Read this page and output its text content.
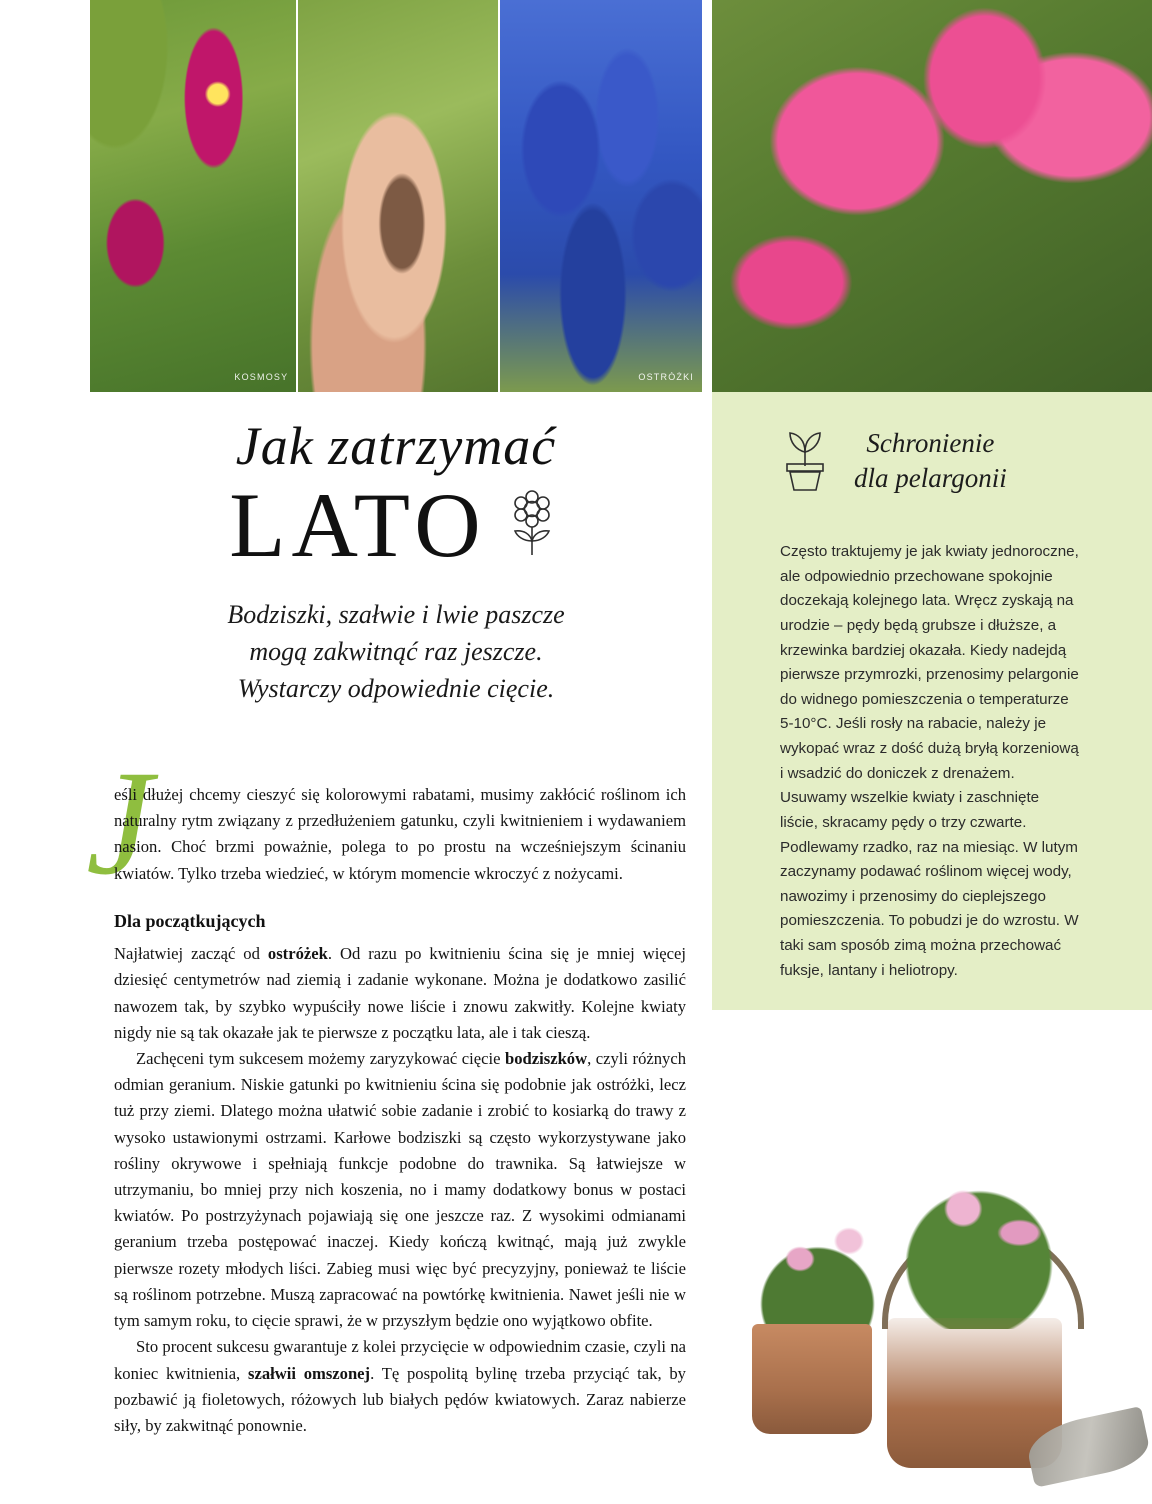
KOSMOSY	OSTRÓŻKI
Schronienie
dla pelargonii
Często traktujemy je jak kwiaty jednoroczne, ale odpowiednio przechowane spokojnie doczekają kolejnego lata. Wręcz zyskają na urodzie – pędy będą grubsze i dłuższe, a krzewinka bardziej okazała. Kiedy nadejdą pierwsze przymrozki, przenosimy pelargonie do widnego pomieszczenia o temperaturze 5-10°C. Jeśli rosły na rabacie, należy je wykopać wraz z dość dużą bryłą korzeniową i wsadzić do doniczek z drenażem. Usuwamy wszelkie kwiaty i zaschnięte liście, skracamy pędy o trzy czwarte. Podlewamy rzadko, raz na miesiąc. W lutym zaczynamy podawać roślinom więcej wody, nawozimy i przenosimy do cieplejszego pomieszczenia. To pobudzi je do wzrostu. W taki sam sposób zimą można przechować fuksje, lantany i heliotropy.
Jak zatrzymać
LATO
Bodziszki, szałwie i lwie paszcze
mogą zakwitnąć raz jeszcze.
Wystarczy odpowiednie cięcie.
J

eśli dłużej chcemy cieszyć się kolorowymi rabatami, musimy zakłócić roślinom ich naturalny rytm związany z przedłużeniem gatunku, czyli kwitnieniem i wydawaniem nasion. Choć brzmi poważnie, polega to po prostu na wcześniejszym ścinaniu kwiatów. Tylko trzeba wiedzieć, w którym momencie wkroczyć z nożycami.

Dla początkujących

Najłatwiej zacząć od ostróżek. Od razu po kwitnieniu ścina się je mniej więcej dziesięć centymetrów nad ziemią i zadanie wykonane. Można je dodatkowo zasilić nawozem tak, by szybko wypuściły nowe liście i znowu zakwitły. Kolejne kwiaty nigdy nie są tak okazałe jak te pierwsze z początku lata, ale i tak cieszą.

Zachęceni tym sukcesem możemy zaryzykować cięcie bodziszków, czyli różnych odmian geranium. Niskie gatunki po kwitnieniu ścina się podobnie jak ostróżki, lecz tuż przy ziemi. Dlatego można ułatwić sobie zadanie i zrobić to kosiarką do trawy z wysoko ustawionymi ostrzami. Karłowe bodziszki są często wykorzystywane jako rośliny okrywowe i spełniają funkcje podobne do trawnika. Są łatwiejsze w utrzymaniu, bo mniej przy nich koszenia, no i mamy dodatkowy bonus w postaci kwiatów. Po postrzyżynach pojawiają się one jeszcze raz. Z wysokimi odmianami geranium trzeba postępować inaczej. Kiedy kończą kwitnąć, mają już zwykle pierwsze rozety młodych liści. Zabieg musi więc być precyzyjny, ponieważ te liście są roślinom potrzebne. Muszą zapracować na powtórkę kwitnienia. Nawet jeśli nie w tym samym roku, to cięcie sprawi, że w przyszłym będzie ono wyjątkowo obfite.

Sto procent sukcesu gwarantuje z kolei przycięcie w odpowiednim czasie, czyli na koniec kwitnienia, szałwii omszonej. Tę pospolitą bylinę trzeba przyciąć tak, by pozbawić ją fioletowych, różowych lub białych pędów kwiatowych. Zaraz nabierze siły, by zakwitnąć ponownie.
